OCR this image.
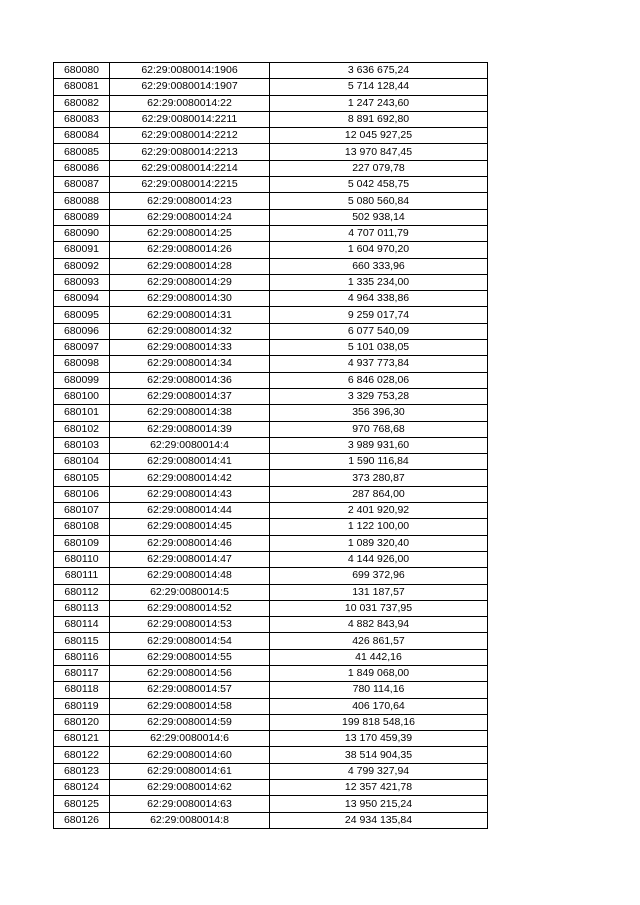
680080	62:29:0080014:1906	3 636 675,24
680081	62:29:0080014:1907	5 714 128,44
680082	62:29:0080014:22	1 247 243,60
680083	62:29:0080014:2211	8 891 692,80
680084	62:29:0080014:2212	12 045 927,25
680085	62:29:0080014:2213	13 970 847,45
680086	62:29:0080014:2214	227 079,78
680087	62:29:0080014:2215	5 042 458,75
680088	62:29:0080014:23	5 080 560,84
680089	62:29:0080014:24	502 938,14
680090	62:29:0080014:25	4 707 011,79
680091	62:29:0080014:26	1 604 970,20
680092	62:29:0080014:28	660 333,96
680093	62:29:0080014:29	1 335 234,00
680094	62:29:0080014:30	4 964 338,86
680095	62:29:0080014:31	9 259 017,74
680096	62:29:0080014:32	6 077 540,09
680097	62:29:0080014:33	5 101 038,05
680098	62:29:0080014:34	4 937 773,84
680099	62:29:0080014:36	6 846 028,06
680100	62:29:0080014:37	3 329 753,28
680101	62:29:0080014:38	356 396,30
680102	62:29:0080014:39	970 768,68
680103	62:29:0080014:4	3 989 931,60
680104	62:29:0080014:41	1 590 116,84
680105	62:29:0080014:42	373 280,87
680106	62:29:0080014:43	287 864,00
680107	62:29:0080014:44	2 401 920,92
680108	62:29:0080014:45	1 122 100,00
680109	62:29:0080014:46	1 089 320,40
680110	62:29:0080014:47	4 144 926,00
680111	62:29:0080014:48	699 372,96
680112	62:29:0080014:5	131 187,57
680113	62:29:0080014:52	10 031 737,95
680114	62:29:0080014:53	4 882 843,94
680115	62:29:0080014:54	426 861,57
680116	62:29:0080014:55	41 442,16
680117	62:29:0080014:56	1 849 068,00
680118	62:29:0080014:57	780 114,16
680119	62:29:0080014:58	406 170,64
680120	62:29:0080014:59	199 818 548,16
680121	62:29:0080014:6	13 170 459,39
680122	62:29:0080014:60	38 514 904,35
680123	62:29:0080014:61	4 799 327,94
680124	62:29:0080014:62	12 357 421,78
680125	62:29:0080014:63	13 950 215,24
680126	62:29:0080014:8	24 934 135,84
